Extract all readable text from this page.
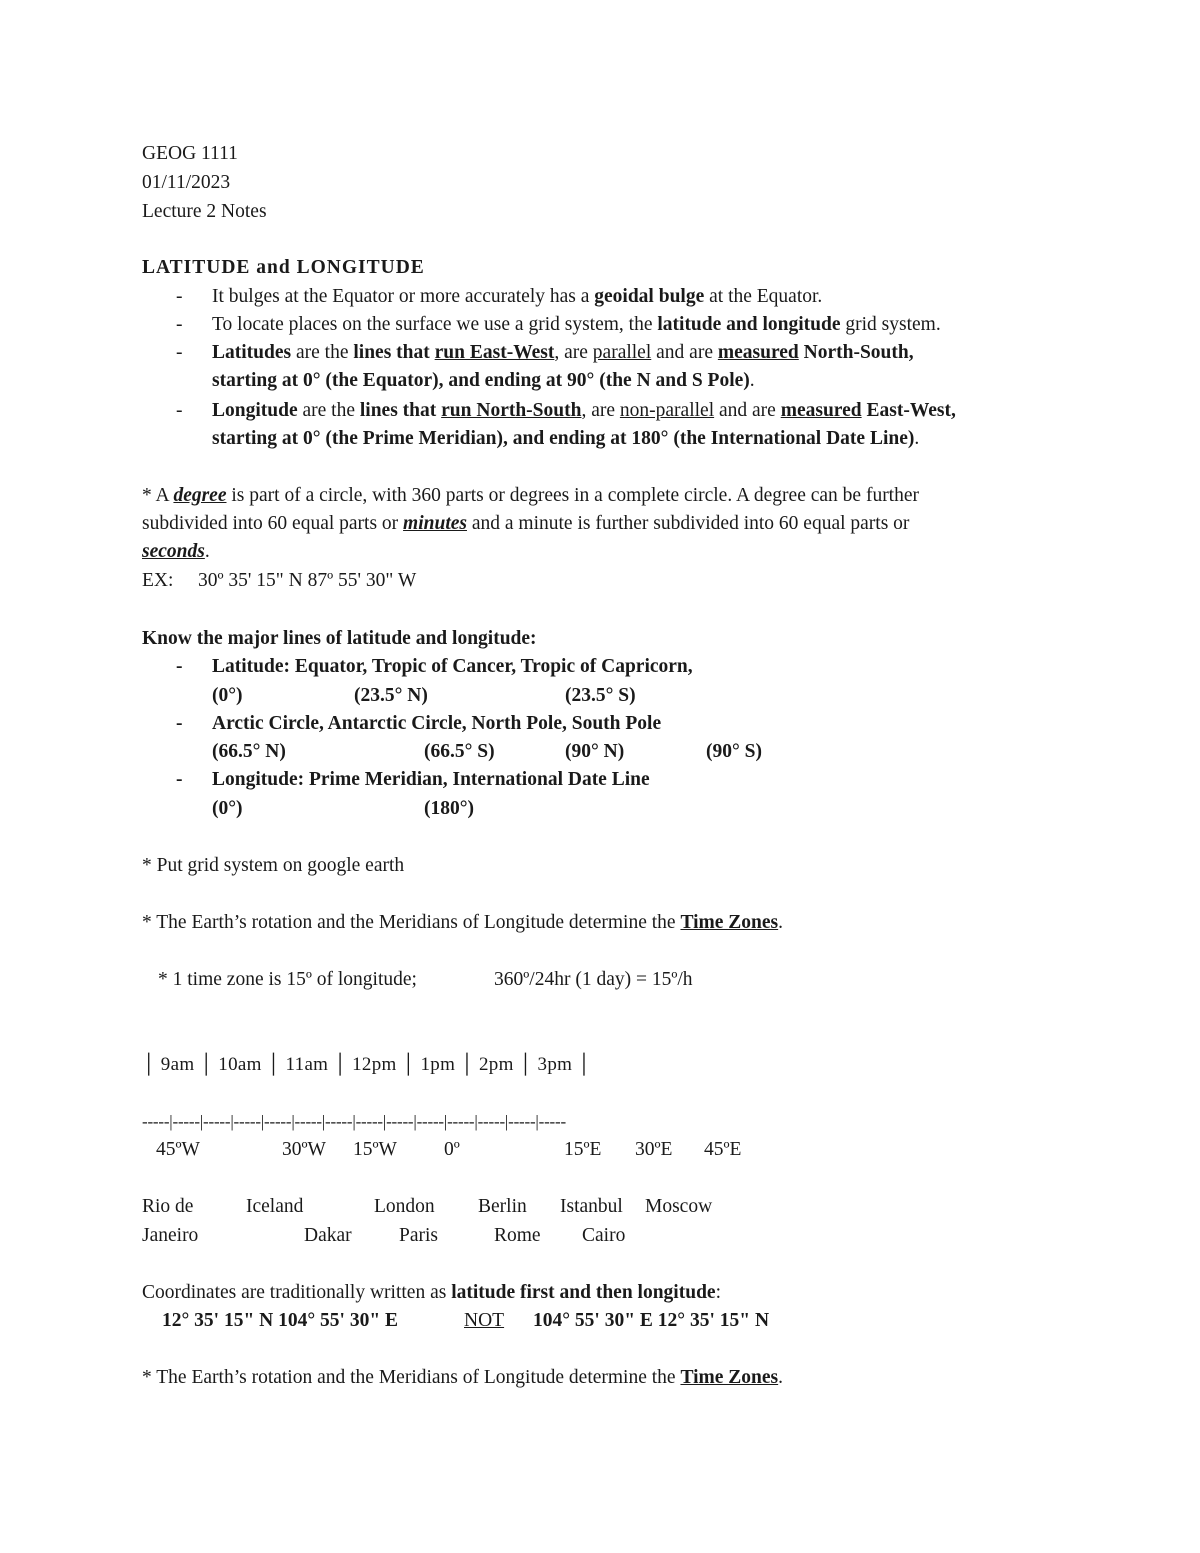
GEOG 1111
01/11/2023
Lecture 2 Notes
LATITUDE and LONGITUDE
- It bulges at the Equator or more accurately has a geoidal bulge at the Equator.
- To locate places on the surface we use a grid system, the latitude and longitude grid system.
- Latitudes are the lines that run East-West, are parallel and are measured North-South,
starting at 0° (the Equator), and ending at 90° (the N and S Pole).
- Longitude are the lines that run North-South, are non-parallel and are measured East-West,
starting at 0° (the Prime Meridian), and ending at 180° (the International Date Line).
* A degree is part of a circle, with 360 parts or degrees in a complete circle. A degree can be further
subdivided into 60 equal parts or minutes and a minute is further subdivided into 60 equal parts or
seconds.
EX: 30º 35' 15" N 87º 55' 30" W
Know the major lines of latitude and longitude:
- Latitude: Equator, Tropic of Cancer, Tropic of Capricorn,
(0°)	(23.5° N)	(23.5° S)
- Arctic Circle, Antarctic Circle, North Pole, South Pole
(66.5° N)	(66.5° S)	(90° N)	(90° S)
- Longitude: Prime Meridian, International Date Line
(0°)	(180°)
* Put grid system on google earth
* The Earth’s rotation and the Meridians of Longitude determine the Time Zones.
* 1 time zone is 15º of longitude;	360º/24hr (1 day) = 15º/h
│ 9am │ 10am │ 11am │ 12pm │ 1pm │ 2pm │ 3pm │
-----|-----|-----|-----|-----|-----|-----|-----|-----|-----|-----|-----|-----|-----
45ºW	30ºW 15ºW 0º	15ºE 30ºE 45ºE
Rio de	Iceland	London Berlin Istanbul Moscow
Janeiro	Dakar Paris	Rome Cairo
Coordinates are traditionally written as latitude first and then longitude:
12° 35' 15" N 104° 55' 30" E	NOT 104° 55' 30" E 12° 35' 15" N
* The Earth’s rotation and the Meridians of Longitude determine the Time Zones.
